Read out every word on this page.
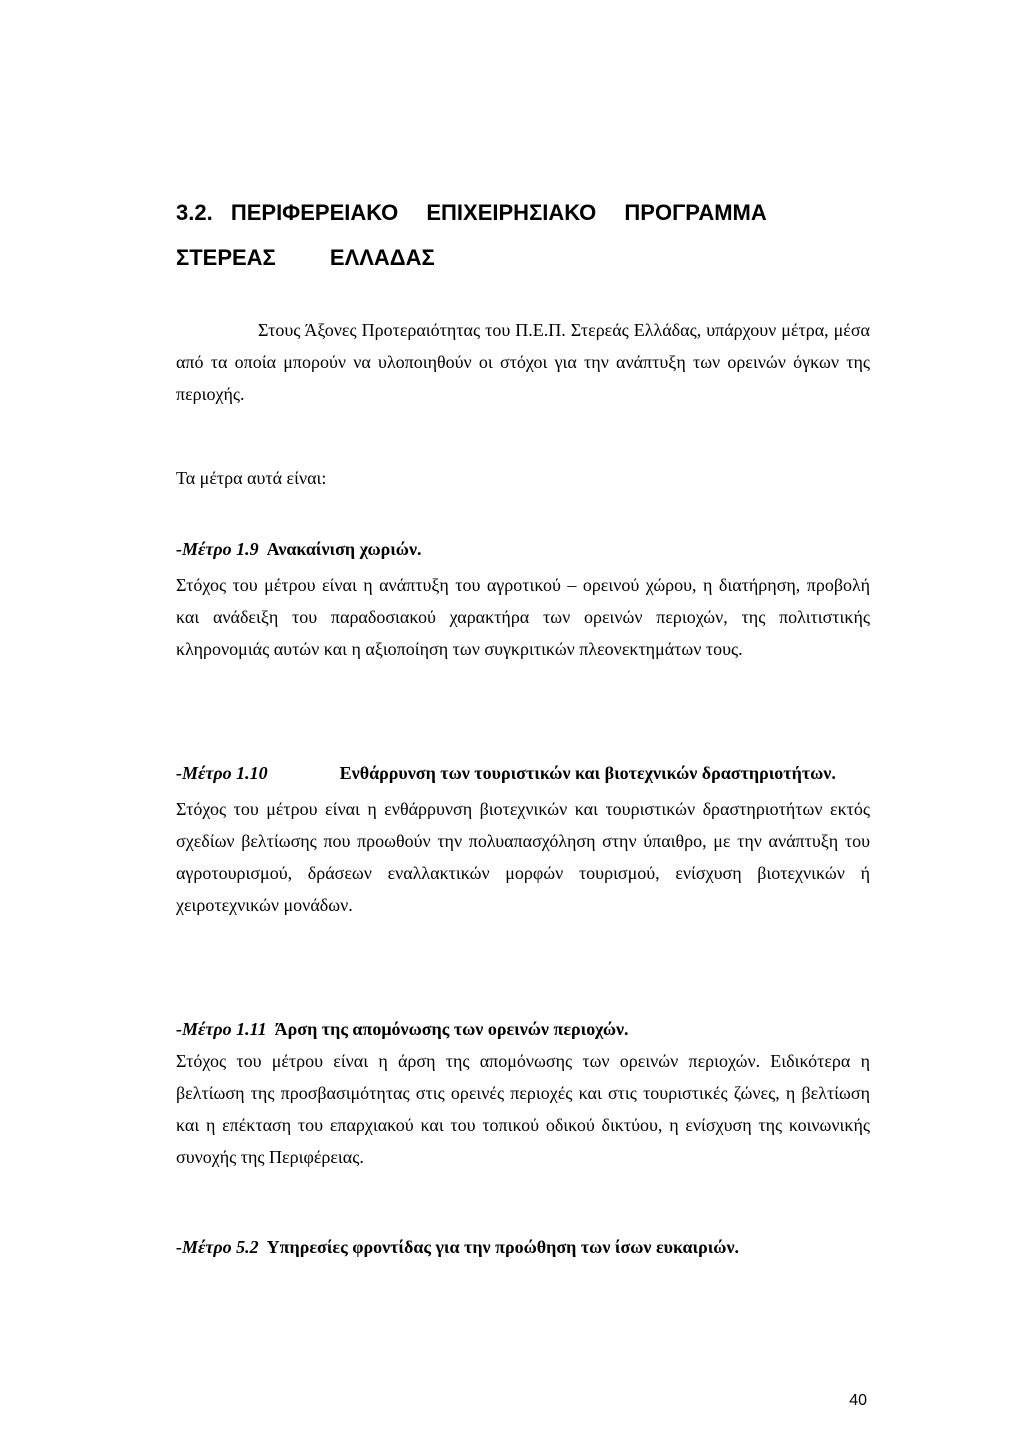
3.2. ΠΕΡΙΦΕΡΕΙΑΚΟ ΕΠΙΧΕΙΡΗΣΙΑΚΟ ΠΡΟΓΡΑΜΜΑ
ΣΤΕΡΕΑΣ ΕΛΛΑΔΑΣ

Στους Άξονες Προτεραιότητας του Π.Ε.Π. Στερεάς Ελλάδας, υπάρχουν μέτρα, μέσα από τα οποία μπορούν να υλοποιηθούν οι στόχοι για την ανάπτυξη των ορεινών όγκων της περιοχής.

Τα μέτρα αυτά είναι:

-Μέτρο 1.9 Ανακαίνιση χωριών.

Στόχος του μέτρου είναι η ανάπτυξη του αγροτικού – ορεινού χώρου, η διατήρηση, προβολή και ανάδειξη του παραδοσιακού χαρακτήρα των ορεινών περιοχών, της πολιτιστικής κληρονομιάς αυτών και η αξιοποίηση των συγκριτικών πλεονεκτημάτων τους.

-Μέτρο 1.10	Ενθάρρυνση των τουριστικών και βιοτεχνικών δραστηριοτήτων.

Στόχος του μέτρου είναι η ενθάρρυνση βιοτεχνικών και τουριστικών δραστηριοτήτων εκτός σχεδίων βελτίωσης που προωθούν την πολυαπασχόληση στην ύπαιθρο, με την ανάπτυξη του αγροτουρισμού, δράσεων εναλλακτικών μορφών τουρισμού, ενίσχυση βιοτεχνικών ή χειροτεχνικών μονάδων.

-Μέτρο 1.11 Άρση της απομόνωσης των ορεινών περιοχών.

Στόχος του μέτρου είναι η άρση της απομόνωσης των ορεινών περιοχών. Ειδικότερα η βελτίωση της προσβασιμότητας στις ορεινές περιοχές και στις τουριστικές ζώνες, η βελτίωση και η επέκταση του επαρχιακού και του τοπικού οδικού δικτύου, η ενίσχυση της κοινωνικής συνοχής της Περιφέρειας.

-Μέτρο 5.2 Υπηρεσίες φροντίδας για την προώθηση των ίσων ευκαιριών.

40
